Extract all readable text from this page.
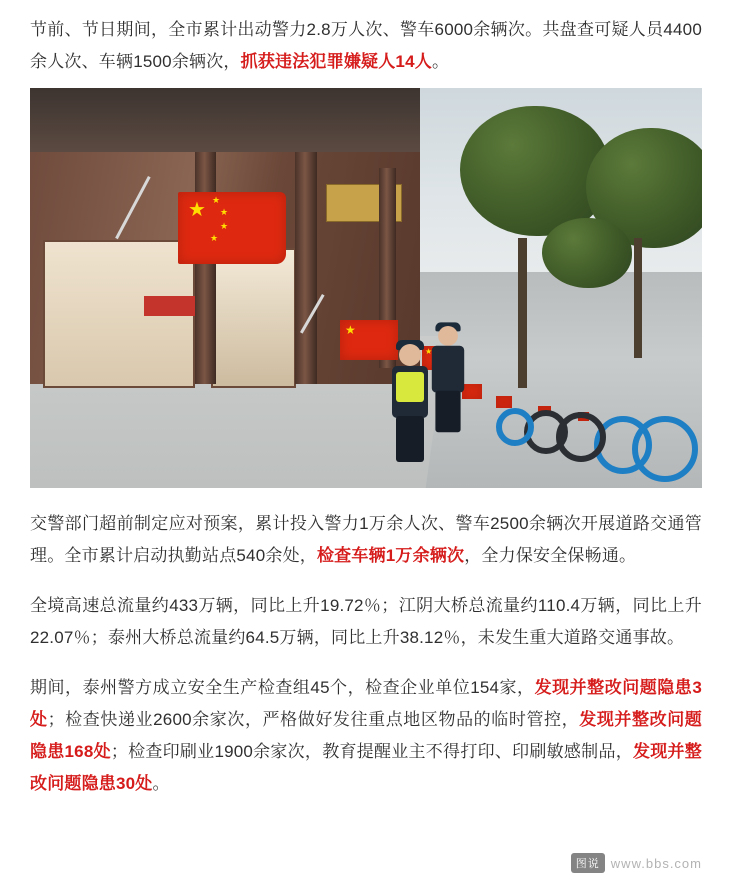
节前、节日期间，全市累计出动警力2.8万人次、警车6000余辆次。共盘查可疑人员4400余人次、车辆1500余辆次，抓获违法犯罪嫌疑人14人。

★ ★
★
★
★
★
★

交警部门超前制定应对预案，累计投入警力1万余人次、警车2500余辆次开展道路交通管理。全市累计启动执勤站点540余处，检查车辆1万余辆次，全力保安全保畅通。

全境高速总流量约433万辆，同比上升19.72％；江阴大桥总流量约110.4万辆，同比上升22.07％；泰州大桥总流量约64.5万辆，同比上升38.12％，未发生重大道路交通事故。

期间，泰州警方成立安全生产检查组45个，检查企业单位154家，发现并整改问题隐患3处；检查快递业2600余家次，严格做好发往重点地区物品的临时管控，发现并整改问题隐患168处；检查印刷业1900余家次，教育提醒业主不得打印、印刷敏感制品，发现并整改问题隐患30处。

图说 www.bbs.com
